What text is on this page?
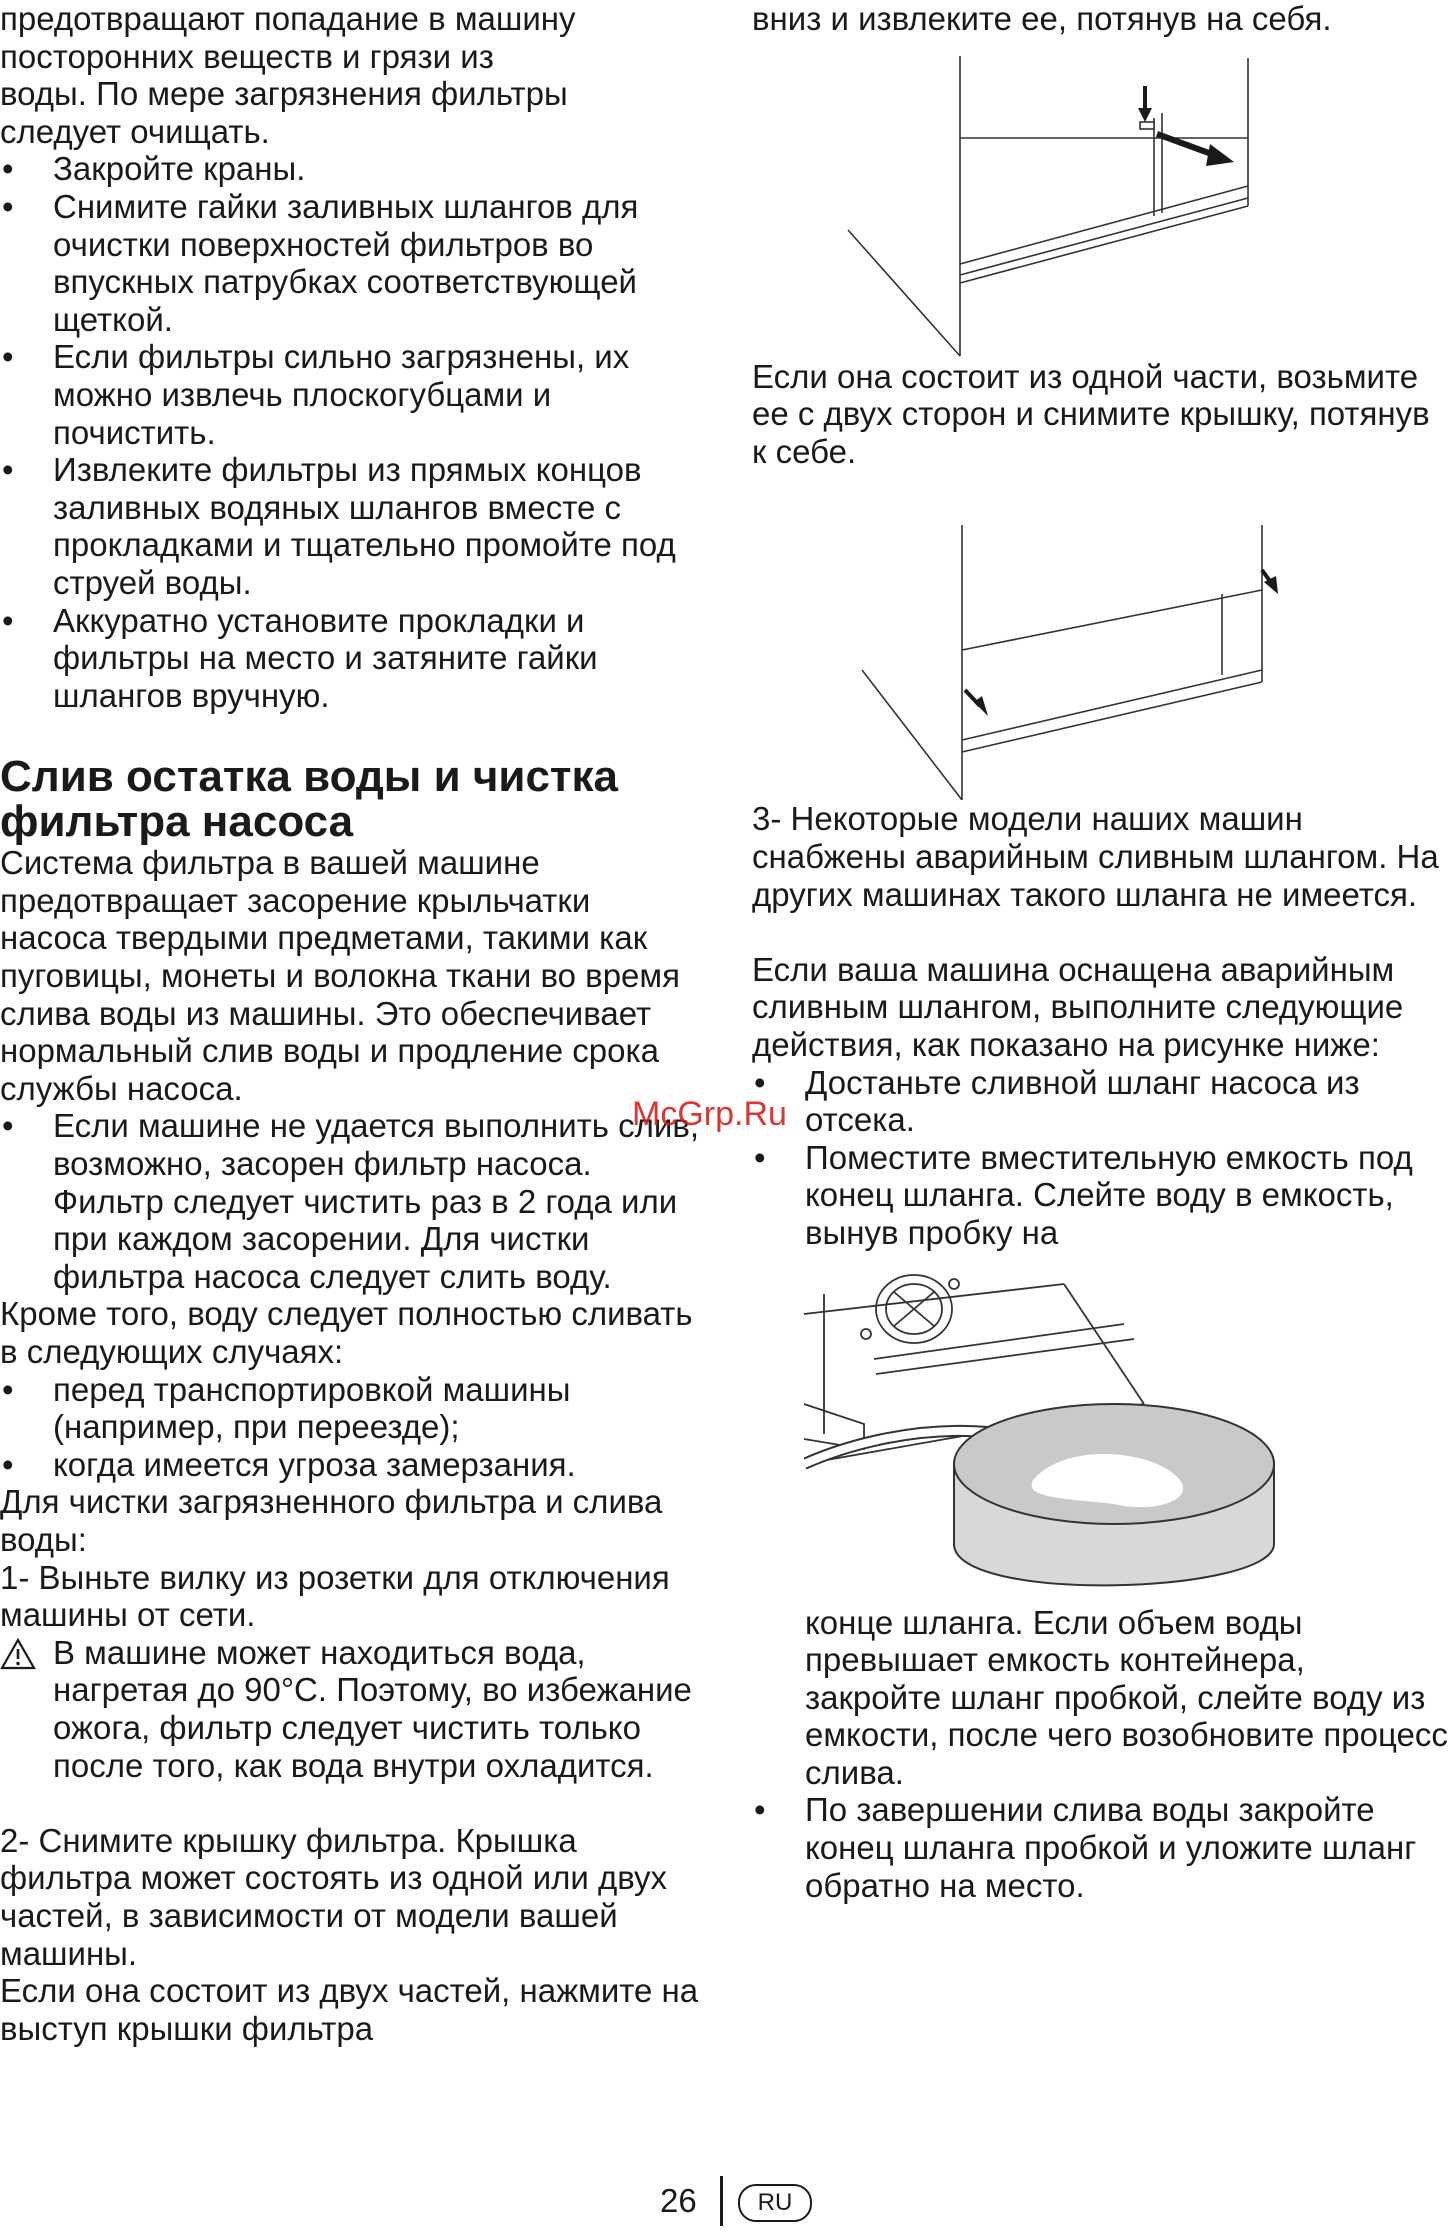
предотвращают попадание в машину

посторонних веществ и грязи из

воды. По мере загрязнения фильтры

следует очищать.

• Закройте краны.
• Снимите гайки заливных шлангов для очистки поверхностей фильтров во впускных патрубках соответствующей щеткой.
• Если фильтры сильно загрязнены, их можно извлечь плоскогубцами и почистить.
• Извлеките фильтры из прямых концов заливных водяных шлангов вместе с прокладками и тщательно промойте под струей воды.
• Аккуратно установите прокладки и фильтры на место и затяните гайки шлангов вручную.
Слив остатка воды и чистка фильтра насоса

Система фильтра в вашей машине предотвращает засорение крыльчатки насоса твердыми предметами, такими как пуговицы, монеты и волокна ткани во время слива воды из машины. Это обеспечивает нормальный слив воды и продление срока службы насоса.

• Если машине не удается выполнить слив, возможно, засорен фильтр насоса. Фильтр следует чистить раз в 2 года или при каждом засорении. Для чистки фильтра насоса следует слить воду.

Кроме того, воду следует полностью сливать в следующих случаях:

• перед транспортировкой машины (например, при переезде);
• когда имеется угроза замерзания.

Для чистки загрязненного фильтра и слива воды:

1- Выньте вилку из розетки для отключения машины от сети.

В машине может находиться вода, нагретая до 90°C. Поэтому, во избежание ожога, фильтр следует чистить только после того, как вода внутри охладится.

2- Снимите крышку фильтра. Крышка фильтра может состоять из одной или двух частей, в зависимости от модели вашей машины.

Если она состоит из двух частей, нажмите на выступ крышки фильтра

вниз и извлеките ее, потянув на себя.

Если она состоит из одной части, возьмите ее с двух сторон и снимите крышку, потянув к себе.

3- Некоторые модели наших машин снабжены аварийным сливным шлангом. На других машинах такого шланга не имеется.

Если ваша машина оснащена аварийным сливным шлангом, выполните следующие действия, как показано на рисунке ниже:

• Достаньте сливной шланг насоса из отсека.
• Поместите вместительную емкость под конец шланга. Слейте воду в емкость, вынув пробку на

конце шланга. Если объем воды превышает емкость контейнера, закройте шланг пробкой, слейте воду из емкости, после чего возобновите процесс слива.

• По завершении слива воды закройте конец шланга пробкой и уложите шланг обратно на место.
McGrp.Ru
26	RU
